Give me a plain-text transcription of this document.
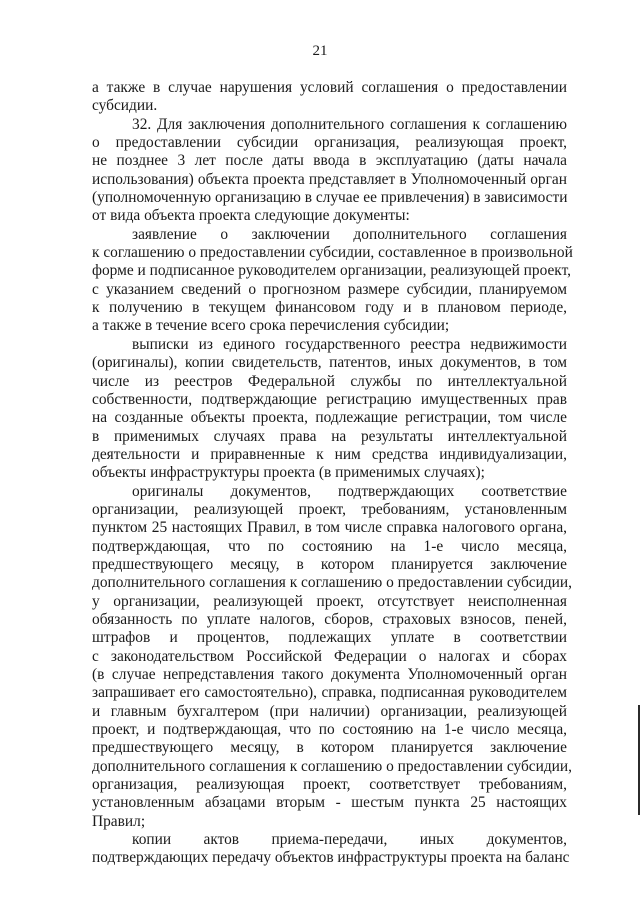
21
а также в случае нарушения условий соглашения о предоставлении
субсидии.
32. Для заключения дополнительного соглашения к соглашению
о предоставлении субсидии организация, реализующая проект,
не позднее 3 лет после даты ввода в эксплуатацию (даты начала
использования) объекта проекта представляет в Уполномоченный орган
(уполномоченную организацию в случае ее привлечения) в зависимости
от вида объекта проекта следующие документы:
заявление о заключении дополнительного соглашения
к соглашению о предоставлении субсидии, составленное в произвольной
форме и подписанное руководителем организации, реализующей проект,
с указанием сведений о прогнозном размере субсидии, планируемом
к получению в текущем финансовом году и в плановом периоде,
а также в течение всего срока перечисления субсидии;
выписки из единого государственного реестра недвижимости
(оригиналы), копии свидетельств, патентов, иных документов, в том
числе из реестров Федеральной службы по интеллектуальной
собственности, подтверждающие регистрацию имущественных прав
на созданные объекты проекта, подлежащие регистрации, том числе
в применимых случаях права на результаты интеллектуальной
деятельности и приравненные к ним средства индивидуализации,
объекты инфраструктуры проекта (в применимых случаях);
оригиналы документов, подтверждающих соответствие
организации, реализующей проект, требованиям, установленным
пунктом 25 настоящих Правил, в том числе справка налогового органа,
подтверждающая, что по состоянию на 1-е число месяца,
предшествующего месяцу, в котором планируется заключение
дополнительного соглашения к соглашению о предоставлении субсидии,
у организации, реализующей проект, отсутствует неисполненная
обязанность по уплате налогов, сборов, страховых взносов, пеней,
штрафов и процентов, подлежащих уплате в соответствии
с законодательством Российской Федерации о налогах и сборах
(в случае непредставления такого документа Уполномоченный орган
запрашивает его самостоятельно), справка, подписанная руководителем
и главным бухгалтером (при наличии) организации, реализующей
проект, и подтверждающая, что по состоянию на 1-е число месяца,
предшествующего месяцу, в котором планируется заключение
дополнительного соглашения к соглашению о предоставлении субсидии,
организация, реализующая проект, соответствует требованиям,
установленным абзацами вторым - шестым пункта 25 настоящих
Правил;
копии актов приема-передачи, иных документов,
подтверждающих передачу объектов инфраструктуры проекта на баланс
